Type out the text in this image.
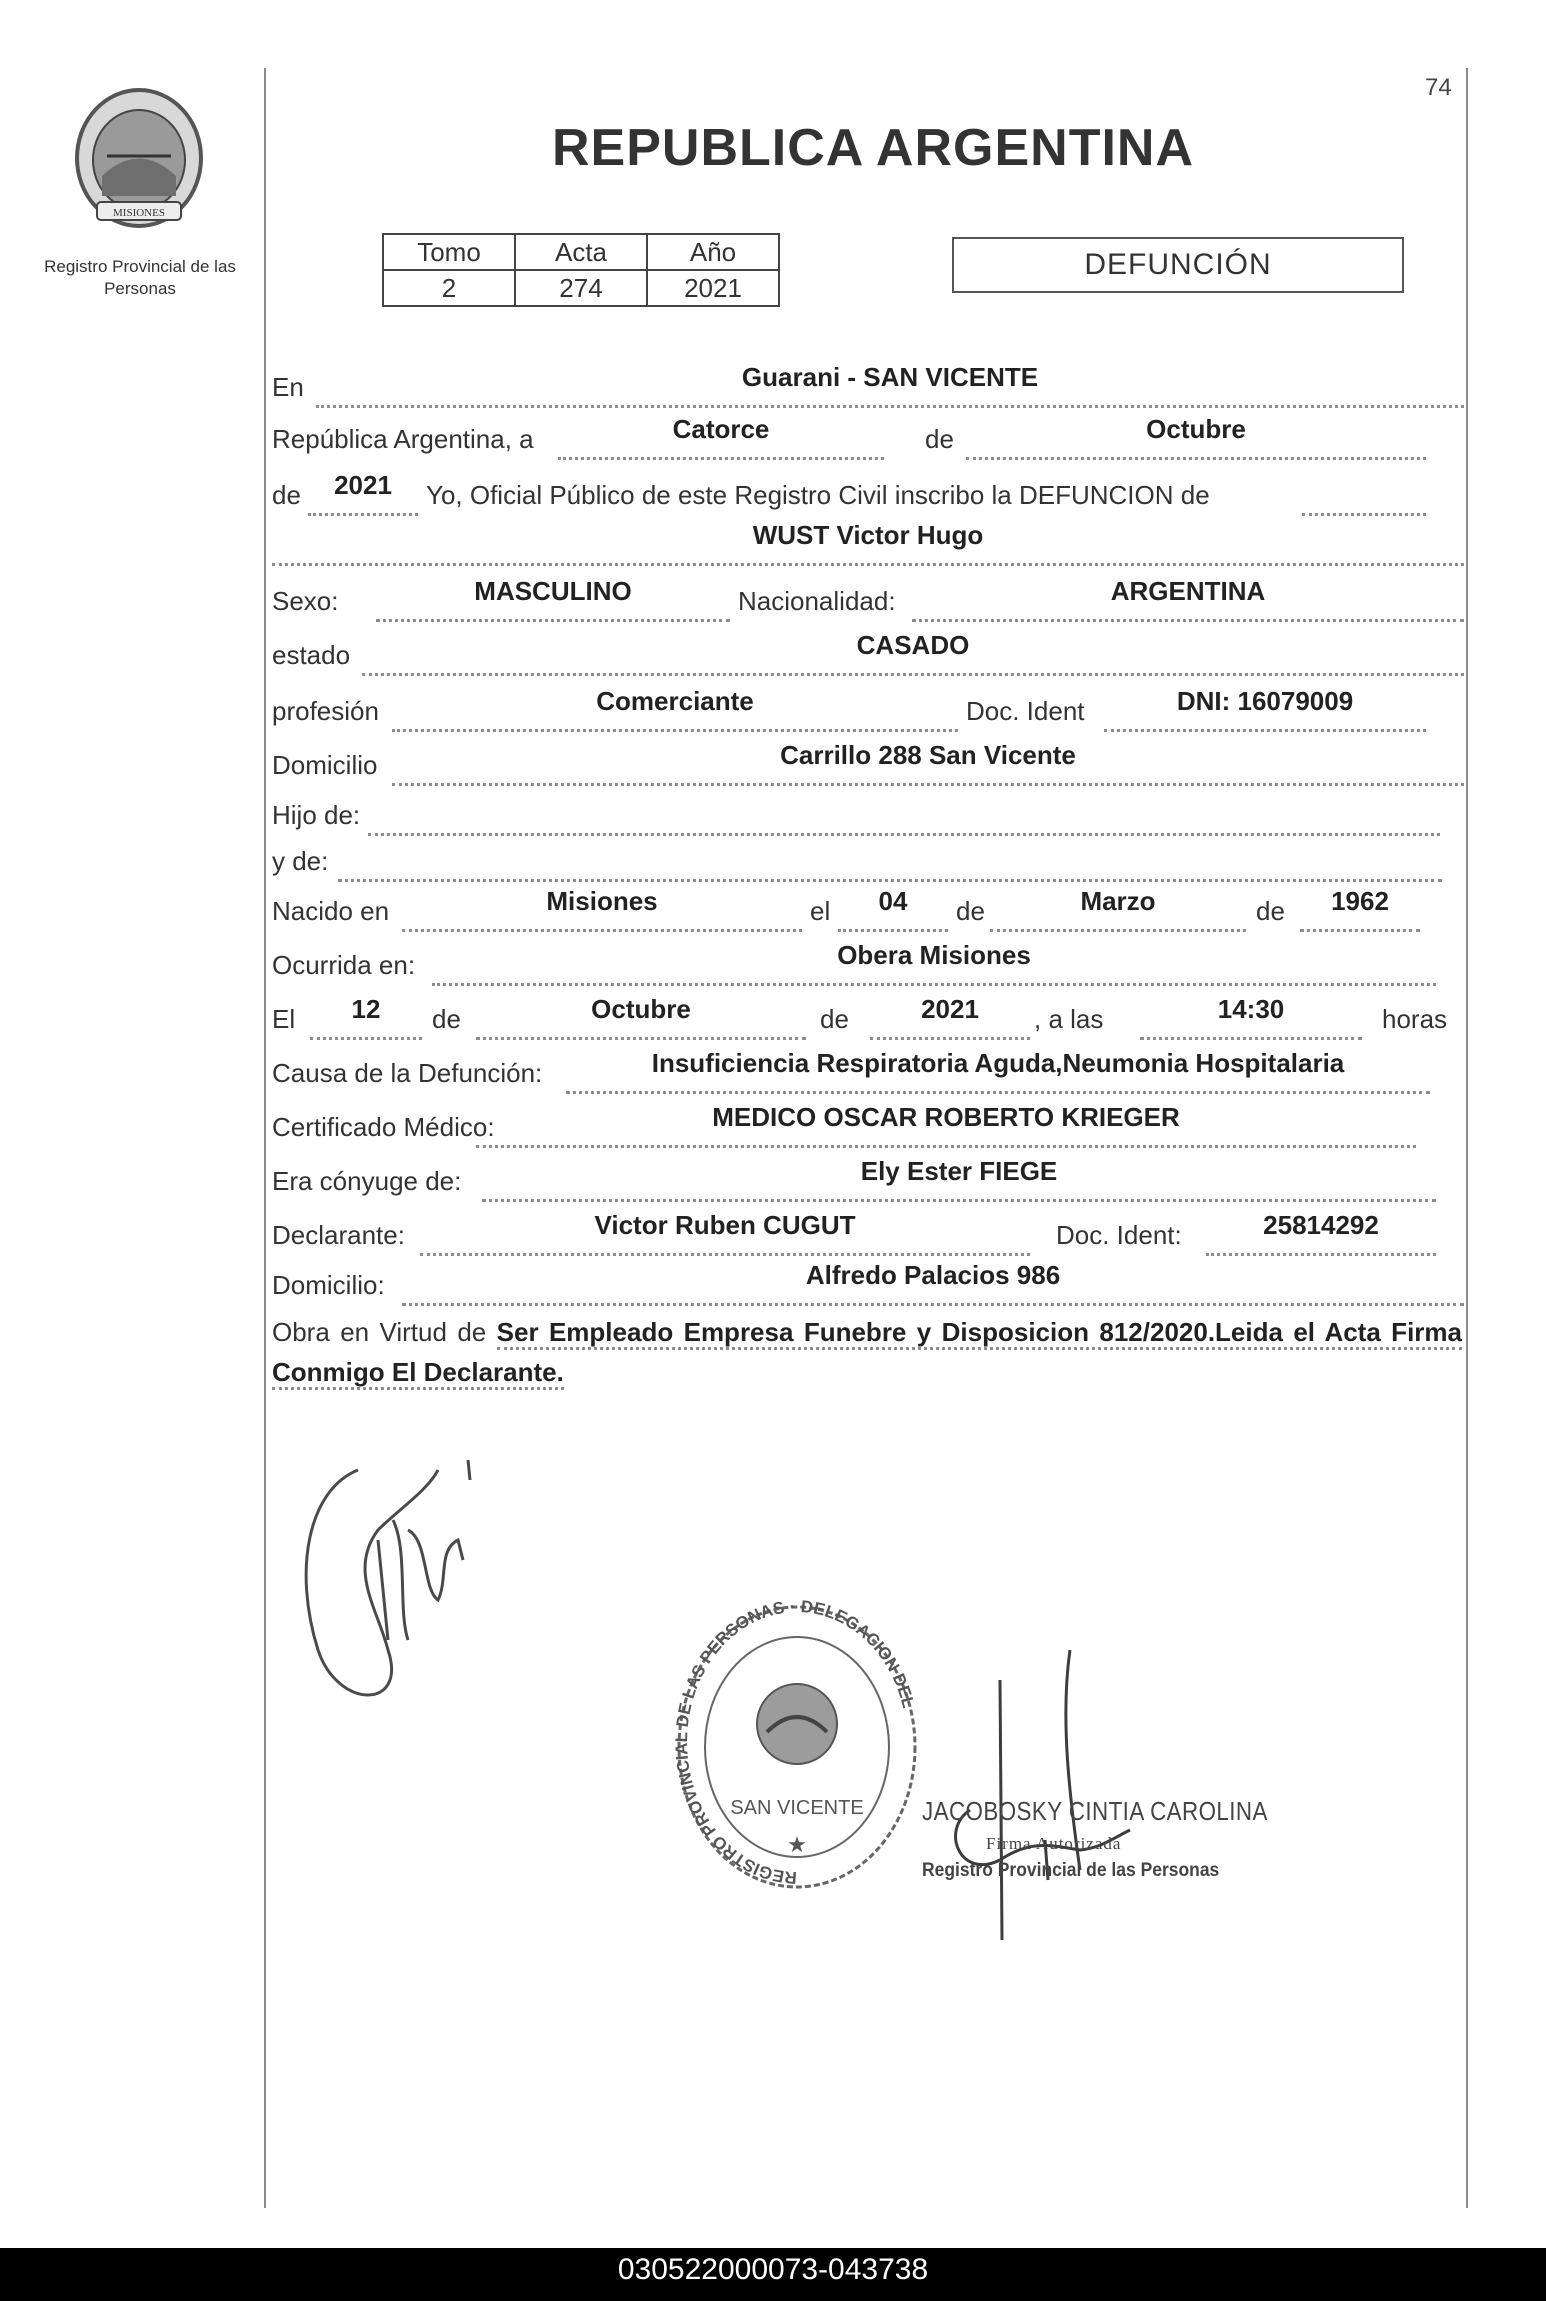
74
MISIONES
Registro Provincial de las Personas
REPUBLICA ARGENTINA
Tomo	Acta	Año
2	274	2021
DEFUNCIÓN
En	Guarani - SAN VICENTE
República Argentina, a	Catorce	de	Octubre
de	2021	Yo, Oficial Público de este Registro Civil inscribo la DEFUNCION de
WUST Victor Hugo
Sexo:	MASCULINO	Nacionalidad:	ARGENTINA
estado	CASADO
profesión	Comerciante	Doc. Ident	DNI: 16079009
Domicilio	Carrillo 288 San Vicente
Hijo de:
y de:
Nacido en	Misiones	el	04	de	Marzo	de	1962
Ocurrida en:	Obera Misiones
El	12	de	Octubre	de	2021	, a las	14:30	horas
Causa de la Defunción:	Insuficiencia Respiratoria Aguda,Neumonia Hospitalaria
Certificado Médico:	MEDICO OSCAR ROBERTO KRIEGER
Era cónyuge de:	Ely Ester FIEGE
Declarante:	Victor Ruben CUGUT	Doc. Ident:	25814292
Domicilio:	Alfredo Palacios 986
Obra en Virtud de Ser Empleado Empresa Funebre y Disposicion 812/2020.Leida el Acta Firma Conmigo El Declarante.
REGISTRO PROVINCIAL DE LAS PERSONAS · DELEGACION DEL
SAN VICENTE
★
JACOBOSKY CINTIA CAROLINA
Firma Autorizada
Registro Provincial de las Personas
030522000073-043738
